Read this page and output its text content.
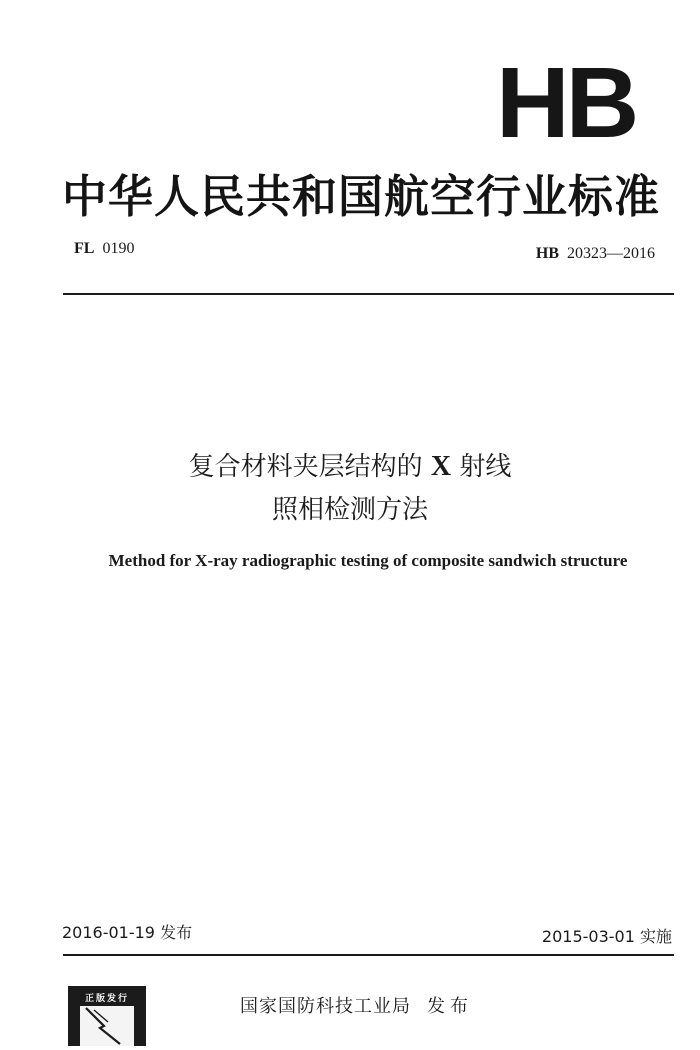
HB
中华人民共和国航空行业标准
FL 0190	HB 20323—2016
复合材料夹层结构的 X 射线
照相检测方法
Method for X-ray radiographic testing of composite sandwich structure
2016-01-19 发布	2015-03-01 实施
正版发行	国家国防科技工业局 发布
